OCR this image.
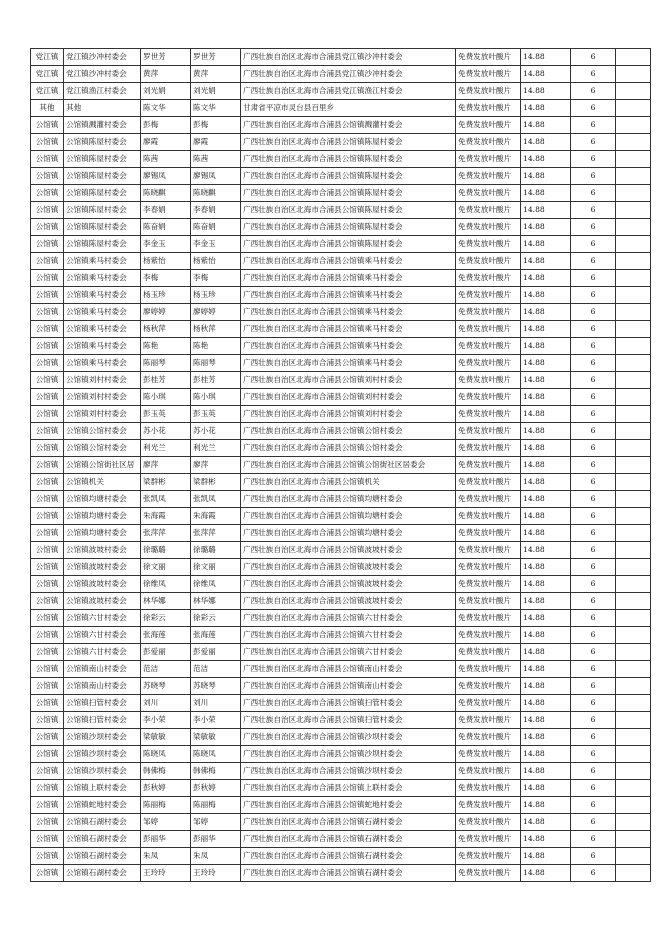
党江镇	党江镇沙冲村委会	罗世芳	罗世芳	广西壮族自治区北海市合浦县党江镇沙冲村委会	免费发放叶酸片	14.88	6	
党江镇	党江镇沙冲村委会	黄萍	黄萍	广西壮族自治区北海市合浦县党江镇沙冲村委会	免费发放叶酸片	14.88	6	
党江镇	党江镇渔江村委会	刘光娟	刘光娟	广西壮族自治区北海市合浦县党江镇渔江村委会	免费发放叶酸片	14.88	6	
其他	其他	陈文华	陈文华	甘肃省平凉市灵台县百里乡	免费发放叶酸片	14.88	6	
公馆镇	公馆镇溅灌村委会	彭梅	彭梅	广西壮族自治区北海市合浦县公馆镇溅灌村委会	免费发放叶酸片	14.88	6	
公馆镇	公馆镇陈屋村委会	廖霞	廖霞	广西壮族自治区北海市合浦县公馆镇陈屋村委会	免费发放叶酸片	14.88	6	
公馆镇	公馆镇陈屋村委会	陈茜	陈茜	广西壮族自治区北海市合浦县公馆镇陈屋村委会	免费发放叶酸片	14.88	6	
公馆镇	公馆镇陈屋村委会	廖锡凤	廖锡凤	广西壮族自治区北海市合浦县公馆镇陈屋村委会	免费发放叶酸片	14.88	6	
公馆镇	公馆镇陈屋村委会	陈晓麒	陈晓麒	广西壮族自治区北海市合浦县公馆镇陈屋村委会	免费发放叶酸片	14.88	6	
公馆镇	公馆镇陈屋村委会	李春娟	李春娟	广西壮族自治区北海市合浦县公馆镇陈屋村委会	免费发放叶酸片	14.88	6	
公馆镇	公馆镇陈屋村委会	陈奋娟	陈奋娟	广西壮族自治区北海市合浦县公馆镇陈屋村委会	免费发放叶酸片	14.88	6	
公馆镇	公馆镇陈屋村委会	李金玉	李金玉	广西壮族自治区北海市合浦县公馆镇陈屋村委会	免费发放叶酸片	14.88	6	
公馆镇	公馆镇乘马村委会	杨紫怡	杨紫怡	广西壮族自治区北海市合浦县公馆镇乘马村委会	免费发放叶酸片	14.88	6	
公馆镇	公馆镇乘马村委会	李梅	李梅	广西壮族自治区北海市合浦县公馆镇乘马村委会	免费发放叶酸片	14.88	6	
公馆镇	公馆镇乘马村委会	杨玉珍	杨玉珍	广西壮族自治区北海市合浦县公馆镇乘马村委会	免费发放叶酸片	14.88	6	
公馆镇	公馆镇乘马村委会	廖婷婷	廖婷婷	广西壮族自治区北海市合浦县公馆镇乘马村委会	免费发放叶酸片	14.88	6	
公馆镇	公馆镇乘马村委会	杨秋萍	杨秋萍	广西壮族自治区北海市合浦县公馆镇乘马村委会	免费发放叶酸片	14.88	6	
公馆镇	公馆镇乘马村委会	陈艳	陈艳	广西壮族自治区北海市合浦县公馆镇乘马村委会	免费发放叶酸片	14.88	6	
公馆镇	公馆镇乘马村委会	陈丽琴	陈丽琴	广西壮族自治区北海市合浦县公馆镇乘马村委会	免费发放叶酸片	14.88	6	
公馆镇	公馆镇刘村村委会	彭桂芳	彭桂芳	广西壮族自治区北海市合浦县公馆镇刘村村委会	免费发放叶酸片	14.88	6	
公馆镇	公馆镇刘村村委会	陈小琪	陈小琪	广西壮族自治区北海市合浦县公馆镇刘村村委会	免费发放叶酸片	14.88	6	
公馆镇	公馆镇刘村村委会	彭玉英	彭玉英	广西壮族自治区北海市合浦县公馆镇刘村村委会	免费发放叶酸片	14.88	6	
公馆镇	公馆镇公馆村委会	苏小花	苏小花	广西壮族自治区北海市合浦县公馆镇公馆村委会	免费发放叶酸片	14.88	6	
公馆镇	公馆镇公馆村委会	利光兰	利光兰	广西壮族自治区北海市合浦县公馆镇公馆村委会	免费发放叶酸片	14.88	6	
公馆镇	公馆镇公馆街社区居	廖萍	廖萍	广西壮族自治区北海市合浦县公馆镇公馆街社区居委会	免费发放叶酸片	14.88	6	
公馆镇	公馆镇机关	梁群彬	梁群彬	广西壮族自治区北海市合浦县公馆镇机关	免费发放叶酸片	14.88	6	
公馆镇	公馆镇均塘村委会	张凯凤	张凯凤	广西壮族自治区北海市合浦县公馆镇均塘村委会	免费发放叶酸片	14.88	6	
公馆镇	公馆镇均塘村委会	朱海霞	朱海霞	广西壮族自治区北海市合浦县公馆镇均塘村委会	免费发放叶酸片	14.88	6	
公馆镇	公馆镇均塘村委会	张萍萍	张萍萍	广西壮族自治区北海市合浦县公馆镇均塘村委会	免费发放叶酸片	14.88	6	
公馆镇	公馆镇波坡村委会	徐璐璐	徐璐璐	广西壮族自治区北海市合浦县公馆镇波坡村委会	免费发放叶酸片	14.88	6	
公馆镇	公馆镇波坡村委会	徐文丽	徐文丽	广西壮族自治区北海市合浦县公馆镇波坡村委会	免费发放叶酸片	14.88	6	
公馆镇	公馆镇波坡村委会	徐维凤	徐维凤	广西壮族自治区北海市合浦县公馆镇波坡村委会	免费发放叶酸片	14.88	6	
公馆镇	公馆镇波坡村委会	林华娜	林华娜	广西壮族自治区北海市合浦县公馆镇波坡村委会	免费发放叶酸片	14.88	6	
公馆镇	公馆镇六甘村委会	徐彩云	徐彩云	广西壮族自治区北海市合浦县公馆镇六甘村委会	免费发放叶酸片	14.88	6	
公馆镇	公馆镇六甘村委会	张海莲	张海莲	广西壮族自治区北海市合浦县公馆镇六甘村委会	免费发放叶酸片	14.88	6	
公馆镇	公馆镇六甘村委会	彭爱丽	彭爱丽	广西壮族自治区北海市合浦县公馆镇六甘村委会	免费发放叶酸片	14.88	6	
公馆镇	公馆镇南山村委会	范洁	范洁	广西壮族自治区北海市合浦县公馆镇南山村委会	免费发放叶酸片	14.88	6	
公馆镇	公馆镇南山村委会	苏晓琴	苏晓琴	广西壮族自治区北海市合浦县公馆镇南山村委会	免费发放叶酸片	14.88	6	
公馆镇	公馆镇扫管村委会	刘川	刘川	广西壮族自治区北海市合浦县公馆镇扫管村委会	免费发放叶酸片	14.88	6	
公馆镇	公馆镇扫管村委会	李小荣	李小荣	广西壮族自治区北海市合浦县公馆镇扫管村委会	免费发放叶酸片	14.88	6	
公馆镇	公馆镇沙坝村委会	梁敏敏	梁敏敏	广西壮族自治区北海市合浦县公馆镇沙坝村委会	免费发放叶酸片	14.88	6	
公馆镇	公馆镇沙坝村委会	陈晓凤	陈晓凤	广西壮族自治区北海市合浦县公馆镇沙坝村委会	免费发放叶酸片	14.88	6	
公馆镇	公馆镇沙坝村委会	韩佛梅	韩佛梅	广西壮族自治区北海市合浦县公馆镇沙坝村委会	免费发放叶酸片	14.88	6	
公馆镇	公馆镇上联村委会	彭秋婷	彭秋婷	广西壮族自治区北海市合浦县公馆镇上联村委会	免费发放叶酸片	14.88	6	
公馆镇	公馆镇蛇地村委会	陈丽梅	陈丽梅	广西壮族自治区北海市合浦县公馆镇蛇地村委会	免费发放叶酸片	14.88	6	
公馆镇	公馆镇石湖村委会	邹婷	邹婷	广西壮族自治区北海市合浦县公馆镇石湖村委会	免费发放叶酸片	14.88	6	
公馆镇	公馆镇石湖村委会	彭丽华	彭丽华	广西壮族自治区北海市合浦县公馆镇石湖村委会	免费发放叶酸片	14.88	6	
公馆镇	公馆镇石湖村委会	朱凤	朱凤	广西壮族自治区北海市合浦县公馆镇石湖村委会	免费发放叶酸片	14.88	6	
公馆镇	公馆镇石湖村委会	王玲玲	王玲玲	广西壮族自治区北海市合浦县公馆镇石湖村委会	免费发放叶酸片	14.88	6	
